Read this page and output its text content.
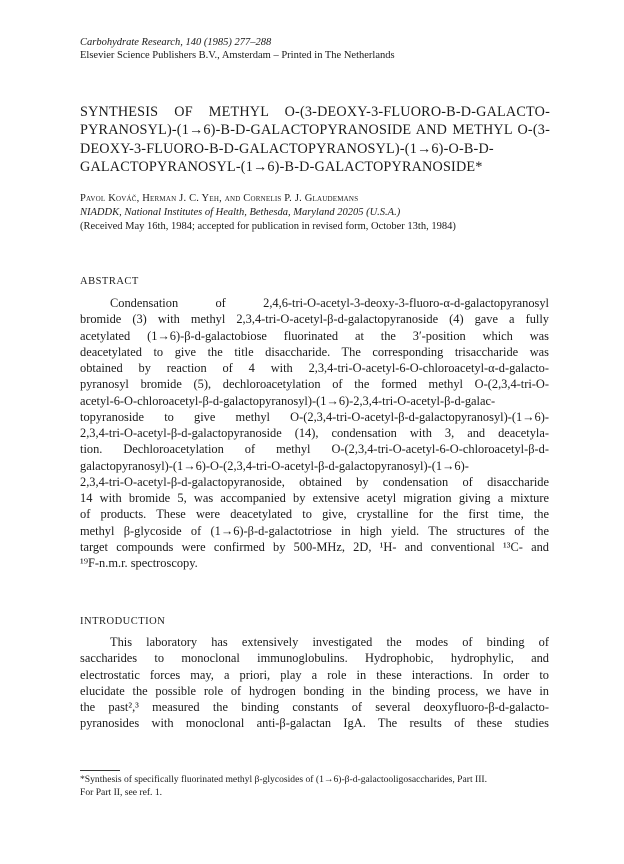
Carbohydrate Research, 140 (1985) 277–288
Elsevier Science Publishers B.V., Amsterdam – Printed in The Netherlands
SYNTHESIS OF METHYL O-(3-DEOXY-3-FLUORO-Β-D-GALACTO-
PYRANOSYL)-(1→6)-Β-D-GALACTOPYRANOSIDE AND METHYL O-(3-
DEOXY-3-FLUORO-Β-D-GALACTOPYRANOSYL)-(1→6)-O-Β-D-
GALACTOPYRANOSYL-(1→6)-Β-D-GALACTOPYRANOSIDE*
Pavol Kováč, Herman J. C. Yeh, and Cornelis P. J. Glaudemans
NIADDK, National Institutes of Health, Bethesda, Maryland 20205 (U.S.A.)
(Received May 16th, 1984; accepted for publication in revised form, October 13th, 1984)
ABSTRACT
Condensation of 2,4,6-tri-O-acetyl-3-deoxy-3-fluoro-α-d-galactopyranosyl
bromide (3) with methyl 2,3,4-tri-O-acetyl-β-d-galactopyranoside (4) gave a fully
acetylated (1→6)-β-d-galactobiose fluorinated at the 3′-position which was
deacetylated to give the title disaccharide. The corresponding trisaccharide was
obtained by reaction of 4 with 2,3,4-tri-O-acetyl-6-O-chloroacetyl-α-d-galacto-
pyranosyl bromide (5), dechloroacetylation of the formed methyl O-(2,3,4-tri-O-
acetyl-6-O-chloroacetyl-β-d-galactopyranosyl)-(1→6)-2,3,4-tri-O-acetyl-β-d-galac-
topyranoside to give methyl O-(2,3,4-tri-O-acetyl-β-d-galactopyranosyl)-(1→6)-
2,3,4-tri-O-acetyl-β-d-galactopyranoside (14), condensation with 3, and deacetyla-
tion. Dechloroacetylation of methyl O-(2,3,4-tri-O-acetyl-6-O-chloroacetyl-β-d-
galactopyranosyl)-(1→6)-O-(2,3,4-tri-O-acetyl-β-d-galactopyranosyl)-(1→6)-
2,3,4-tri-O-acetyl-β-d-galactopyranoside, obtained by condensation of disaccharide
14 with bromide 5, was accompanied by extensive acetyl migration giving a mixture
of products. These were deacetylated to give, crystalline for the first time, the
methyl β-glycoside of (1→6)-β-d-galactotriose in high yield. The structures of the
target compounds were confirmed by 500-MHz, 2D, ¹H- and conventional ¹³C- and
¹⁹F-n.m.r. spectroscopy.
INTRODUCTION
This laboratory has extensively investigated the modes of binding of
saccharides to monoclonal immunoglobulins. Hydrophobic, hydrophylic, and
electrostatic forces may, a priori, play a role in these interactions. In order to
elucidate the possible role of hydrogen bonding in the binding process, we have in
the past²,³ measured the binding constants of several deoxyfluoro-β-d-galacto-
pyranosides with monoclonal anti-β-galactan IgA. The results of these studies
*Synthesis of specifically fluorinated methyl β-glycosides of (1→6)-β-d-galactooligosaccharides, Part III.
For Part II, see ref. 1.
